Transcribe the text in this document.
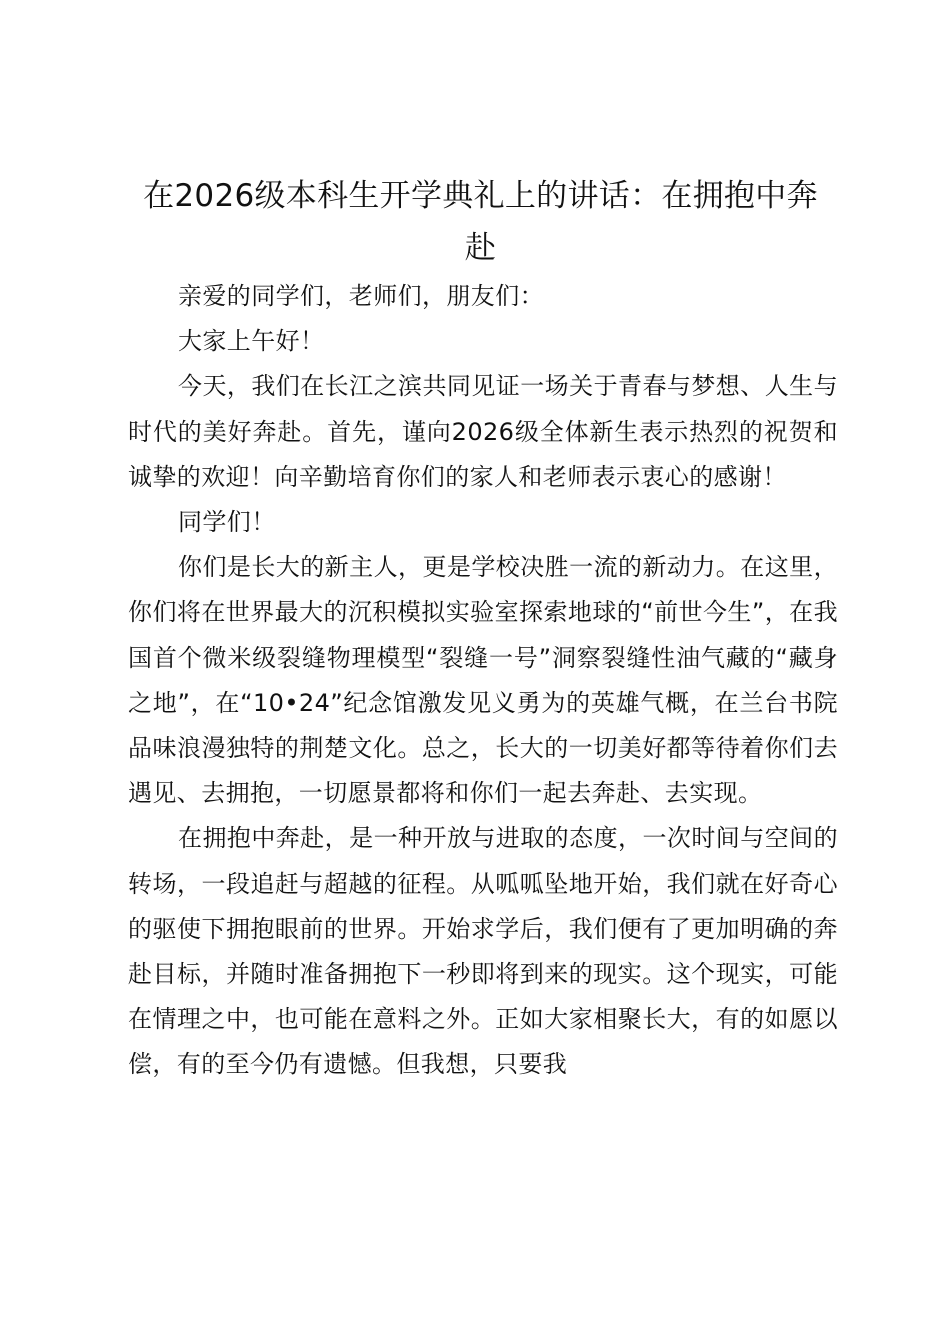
在2026级本科生开学典礼上的讲话：在拥抱中奔赴

亲爱的同学们，老师们，朋友们：

大家上午好！

今天，我们在长江之滨共同见证一场关于青春与梦想、人生与时代的美好奔赴。首先，谨向2026级全体新生表示热烈的祝贺和诚挚的欢迎！向辛勤培育你们的家人和老师表示衷心的感谢！

同学们！

你们是长大的新主人，更是学校决胜一流的新动力。在这里，你们将在世界最大的沉积模拟实验室探索地球的“前世今生”，在我国首个微米级裂缝物理模型“裂缝一号”洞察裂缝性油气藏的“藏身之地”，在“10•24”纪念馆激发见义勇为的英雄气概，在兰台书院品味浪漫独特的荆楚文化。总之，长大的一切美好都等待着你们去遇见、去拥抱，一切愿景都将和你们一起去奔赴、去实现。

在拥抱中奔赴，是一种开放与进取的态度，一次时间与空间的转场，一段追赶与超越的征程。从呱呱坠地开始，我们就在好奇心的驱使下拥抱眼前的世界。开始求学后，我们便有了更加明确的奔赴目标，并随时准备拥抱下一秒即将到来的现实。这个现实，可能在情理之中，也可能在意料之外。正如大家相聚长大，有的如愿以偿，有的至今仍有遗憾。但我想，只要我
